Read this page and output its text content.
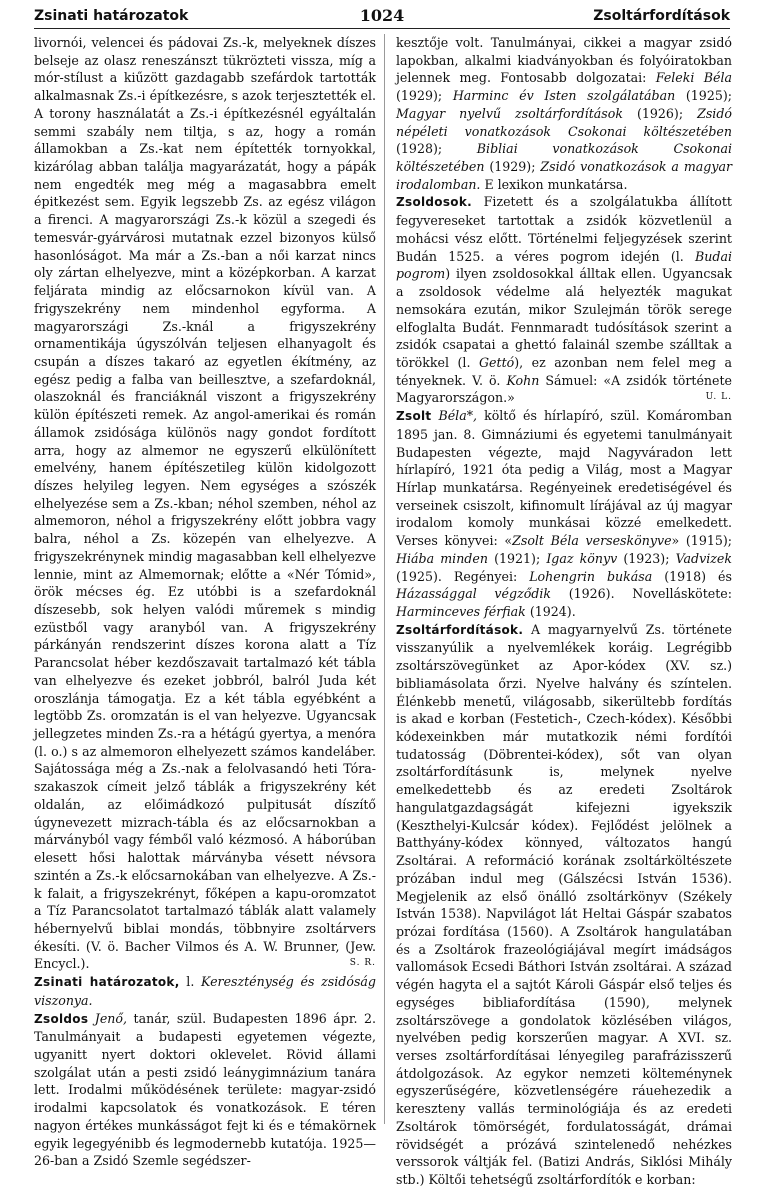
Zsinati határozatok	1024	Zsoltárfordítások

livornói, velencei és pádovai Zs.-k, melyeknek díszes belseje az olasz reneszánszt tükrözteti vissza, míg a mór-stílust a kiűzött gazdagabb szefárdok tartották alkalmasnak Zs.-i építkezésre, s azok terjesztették el. A torony használatát a Zs.-i építkezésnél egyáltalán semmi szabály nem tiltja, s az, hogy a román államokban a Zs.-kat nem építették tornyokkal, kizárólag abban találja magyarázatát, hogy a pápák nem engedték meg még a magasabbra emelt épitkezést sem. Egyik legszebb Zs. az egész világon a firenci. A magyarországi Zs.-k közül a szegedi és temesvár-gyárvárosi mutatnak ezzel bizonyos külső hasonlóságot. Ma már a Zs.-ban a női karzat nincs oly zártan elhelyezve, mint a középkorban. A karzat feljárata mindig az előcsarnokon kívül van. A frigyszekrény nem mindenhol egyforma. A magyarországi Zs.-knál a frigyszekrény ornamentikája úgyszólván teljesen elhanyagolt és csupán a díszes takaró az egyetlen ékítmény, az egész pedig a falba van beillesztve, a szefardoknál, olaszoknál és franciáknál viszont a frigyszekrény külön építészeti remek. Az angol-amerikai és román államok zsidósága különös nagy gondot fordított arra, hogy az almemor ne egyszerű elkülönített emelvény, hanem építészetileg külön kidolgozott díszes helyileg legyen. Nem egységes a szószék elhelyezése sem a Zs.-kban; néhol szemben, néhol az almemoron, néhol a frigyszekrény előtt jobbra vagy balra, néhol a Zs. közepén van elhelyezve. A frigyszekrénynek mindig magasabban kell elhelyezve lennie, mint az Almemornak; előtte a «Nér Tómid», örök mécses ég. Ez utóbbi is a szefardoknál díszesebb, sok helyen valódi műremek s mindig ezüstből vagy aranyból van. A frigyszekrény párkányán rendszerint díszes korona alatt a Tíz Parancsolat héber kezdőszavait tartalmazó két tábla van elhelyezve és ezeket jobbról, balról Juda két oroszlánja támogatja. Ez a két tábla egyébként a legtöbb Zs. oromzatán is el van helyezve. Ugyancsak jellegzetes minden Zs.-ra a hétágú gyertya, a menóra (l. o.) s az almemoron elhelyezett számos kandeláber. Sajátossága még a Zs.-nak a felolvasandó heti Tóra-szakaszok címeit jelző táblák a frigyszekrény két oldalán, az előimádkozó pulpitusát díszítő úgynevezett mizrach-tábla és az előcsarnokban a márványból vagy fémből való kézmosó. A háborúban elesett hősi halottak márványba vésett névsora szintén a Zs.-k előcsarnokában van elhelyezve. A Zs.-k falait, a frigyszekrényt, főképen a kapu-oromzatot a Tíz Parancsolatot tartalmazó táblák alatt valamely hébernyelvű biblai mondás, többnyire zsoltárvers ékesíti. (V. ö. Bacher Vilmos és A. W. Brunner, (Jew. Encycl.).	S. R.

Zsinati határozatok, l. Kereszténység és zsidóság viszonya.

Zsoldos Jenő, tanár, szül. Budapesten 1896 ápr. 2. Tanulmányait a budapesti egyetemen végezte, ugyanitt nyert doktori oklevelet. Rövid állami szolgálat után a pesti zsidó leánygimnázium tanára lett. Irodalmi működésének területe: magyar-zsidó irodalmi kapcsolatok és vonatkozások. E téren nagyon értékes munkásságot fejt ki és e témakörnek egyik legegyénibb és legmodernebb kutatója. 1925—26-ban a Zsidó Szemle segédszer-

kesztője volt. Tanulmányai, cikkei a magyar zsidó lapokban, alkalmi kiadványokban és folyóiratokban jelennek meg. Fontosabb dolgozatai: Feleki Béla (1929); Harminc év Isten szolgálatában (1925); Magyar nyelvű zsoltárfordítások (1926); Zsidó népéleti vonatkozások Csokonai költészetében (1928); Bibliai vonatkozások Csokonai költészetében (1929); Zsidó vonatkozások a magyar irodalomban. E lexikon munkatársa.

Zsoldosok. Fizetett és a szolgálatukba állított fegyvereseket tartottak a zsidók közvetlenül a mohácsi vész előtt. Történelmi feljegyzések szerint Budán 1525. a véres pogrom idején (l. Budai pogrom) ilyen zsoldosokkal álltak ellen. Ugyancsak a zsoldosok védelme alá helyezték magukat nemsokára ezután, mikor Szulejmán török serege elfoglalta Budát. Fennmaradt tudósítások szerint a zsidók csapatai a ghettó falainál szembe szálltak a törökkel (l. Gettó), ez azonban nem felel meg a tényeknek. V. ö. Kohn Sámuel: «A zsidók története Magyarországon.»	U. L.

Zsolt Béla*, költő és hírlapíró, szül. Komáromban 1895 jan. 8. Gimnáziumi és egyetemi tanulmányait Budapesten végezte, majd Nagyváradon lett hírlapíró, 1921 óta pedig a Világ, most a Magyar Hírlap munkatársa. Regényeinek eredetiségével és verseinek csiszolt, kifinomult lírájával az új magyar irodalom komoly munkásai közzé emelkedett. Verses könyvei: «Zsolt Béla verseskönyve» (1915); Hiába minden (1921); Igaz könyv (1923); Vadvizek (1925). Regényei: Lohengrin bukása (1918) és Házassággal végződik (1926). Novelláskötete: Harminceves férfiak (1924).

Zsoltárfordítások. A magyarnyelvű Zs. története visszanyúlik a nyelvemlékek koráig. Legrégibb zsoltárszövegünket az Apor-kódex (XV. sz.) bibliamásolata őrzi. Nyelve halvány és színtelen. Élénkebb menetű, világosabb, sikerültebb fordítás is akad e korban (Festetich-, Czech-kódex). Későbbi kódexeinkben már mutatkozik némi fordítói tudatosság (Döbrentei-kódex), sőt van olyan zsoltárfordításunk is, melynek nyelve emelkedettebb és az eredeti Zsoltárok hangulatgazdagságát kifejezni igyekszik (Keszthelyi-Kulcsár kódex). Fejlődést jelölnek a Batthyány-kódex könnyed, változatos hangú Zsoltárai. A reformáció korának zsoltárköltészete prózában indul meg (Gálszécsi István 1536). Megjelenik az első önálló zsoltárkönyv (Székely István 1538). Napvilágot lát Heltai Gáspár szabatos prózai fordítása (1560). A Zsoltárok hangulatában és a Zsoltárok frazeológiájával megírt imádságos vallomások Ecsedi Báthori István zsoltárai. A század végén hagyta el a sajtót Károli Gáspár első teljes és egységes bibliafordítása (1590), melynek zsoltárszövege a gondolatok közlésében világos, nyelvében pedig korszerűen magyar. A XVI. sz. verses zsoltárfordításai lényegileg parafrázisszerű átdolgozások. Az egykor nemzeti költeménynek egyszerűségére, közvetlenségére ráuehezedik a kereszteny vallás terminológiája és az eredeti Zsoltárok tömörségét, fordulatosságát, drámai rövidségét a prózává szintelenedő nehézkes verssorok váltják fel. (Batizi András, Siklósi Mihály stb.) Költői tehetségű zsoltárfordítók e korban:
